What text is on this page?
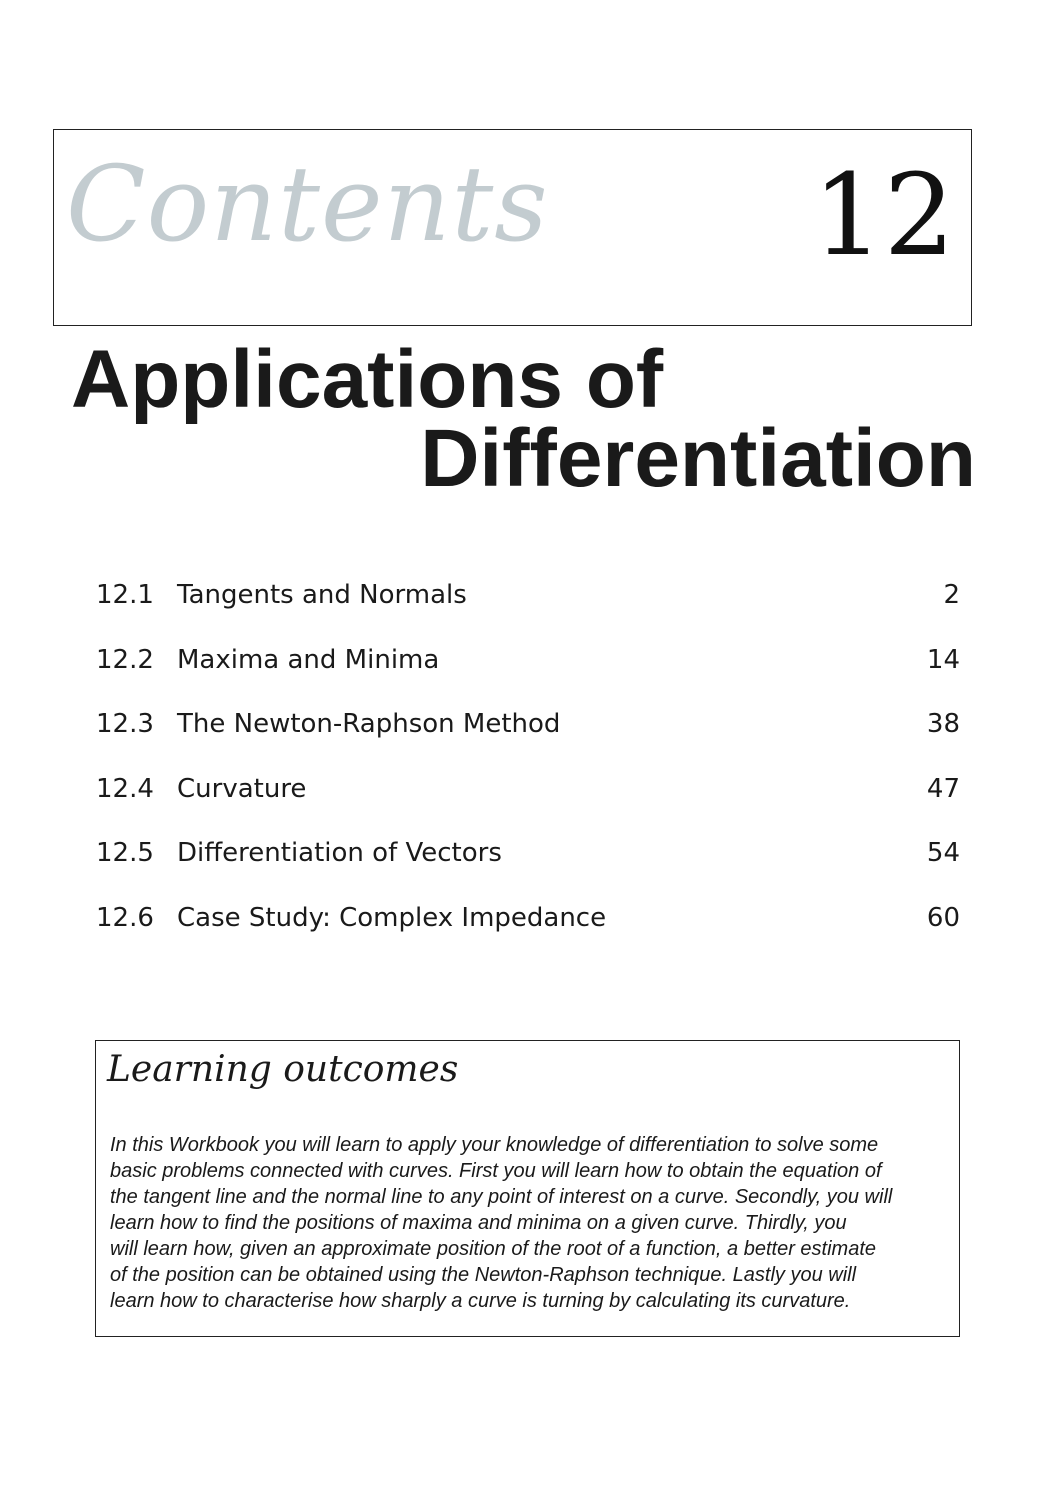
Contents 12
Applications of
Differentiation
12.1 Tangents and Normals	2
12.2 Maxima and Minima	14
12.3 The Newton-Raphson Method	38
12.4 Curvature	47
12.5 Differentiation of Vectors	54
12.6 Case Study: Complex Impedance	60
Learning outcomes
In this Workbook you will learn to apply your knowledge of differentiation to solve some
basic problems connected with curves. First you will learn how to obtain the equation of
the tangent line and the normal line to any point of interest on a curve. Secondly, you will
learn how to find the positions of maxima and minima on a given curve. Thirdly, you
will learn how, given an approximate position of the root of a function, a better estimate
of the position can be obtained using the Newton-Raphson technique. Lastly you will
learn how to characterise how sharply a curve is turning by calculating its curvature.
